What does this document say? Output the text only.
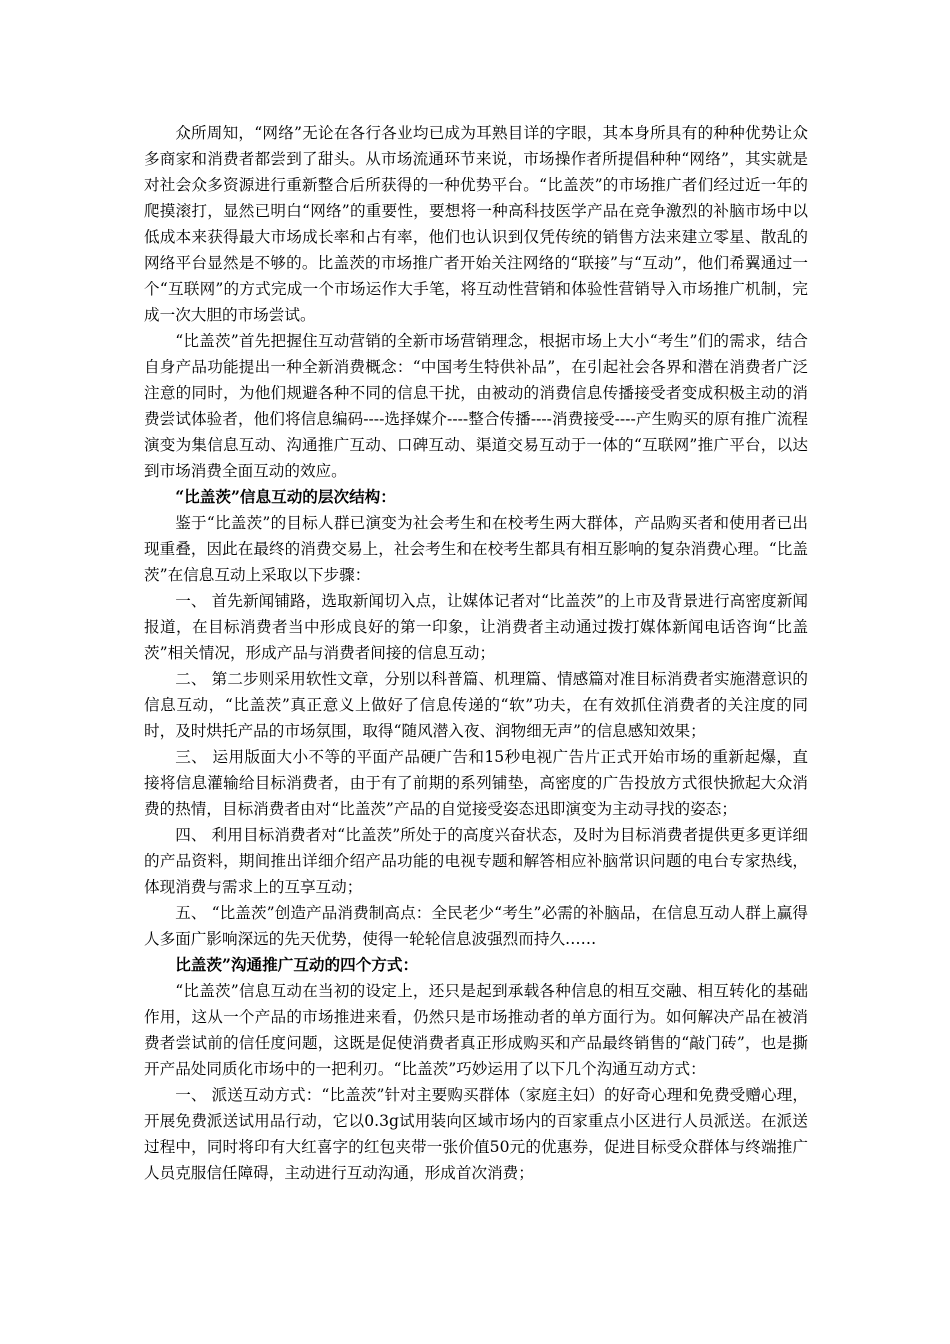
众所周知，“网络”无论在各行各业均已成为耳熟目详的字眼，其本身所具有的种种优势让众多商家和消费者都尝到了甜头。从市场流通环节来说，市场操作者所提倡种种“网络”，其实就是对社会众多资源进行重新整合后所获得的一种优势平台。“比盖茨”的市场推广者们经过近一年的爬摸滚打，显然已明白“网络”的重要性，要想将一种高科技医学产品在竞争激烈的补脑市场中以低成本来获得最大市场成长率和占有率，他们也认识到仅凭传统的销售方法来建立零星、散乱的网络平台显然是不够的。比盖茨的市场推广者开始关注网络的“联接”与“互动”，他们希翼通过一个“互联网”的方式完成一个市场运作大手笔，将互动性营销和体验性营销导入市场推广机制，完成一次大胆的市场尝试。

“比盖茨”首先把握住互动营销的全新市场营销理念，根据市场上大小“考生”们的需求，结合自身产品功能提出一种全新消费概念：“中国考生特供补品”，在引起社会各界和潜在消费者广泛注意的同时，为他们规避各种不同的信息干扰，由被动的消费信息传播接受者变成积极主动的消费尝试体验者，他们将信息编码----选择媒介----整合传播----消费接受----产生购买的原有推广流程演变为集信息互动、沟通推广互动、口碑互动、渠道交易互动于一体的“互联网”推广平台，以达到市场消费全面互动的效应。

“比盖茨”信息互动的层次结构：

鉴于“比盖茨”的目标人群已演变为社会考生和在校考生两大群体，产品购买者和使用者已出现重叠，因此在最终的消费交易上，社会考生和在校考生都具有相互影响的复杂消费心理。“比盖茨”在信息互动上采取以下步骤：

一、 首先新闻铺路，选取新闻切入点，让媒体记者对“比盖茨”的上市及背景进行高密度新闻报道，在目标消费者当中形成良好的第一印象，让消费者主动通过拨打媒体新闻电话咨询“比盖茨”相关情况，形成产品与消费者间接的信息互动；

二、 第二步则采用软性文章，分别以科普篇、机理篇、情感篇对准目标消费者实施潜意识的信息互动，“比盖茨”真正意义上做好了信息传递的“软”功夫，在有效抓住消费者的关注度的同时，及时烘托产品的市场氛围，取得“随风潜入夜、润物细无声”的信息感知效果；

三、 运用版面大小不等的平面产品硬广告和15秒电视广告片正式开始市场的重新起爆，直接将信息灌输给目标消费者，由于有了前期的系列铺垫，高密度的广告投放方式很快掀起大众消费的热情，目标消费者由对“比盖茨”产品的自觉接受姿态迅即演变为主动寻找的姿态；

四、 利用目标消费者对“比盖茨”所处于的高度兴奋状态，及时为目标消费者提供更多更详细的产品资料，期间推出详细介绍产品功能的电视专题和解答相应补脑常识问题的电台专家热线，体现消费与需求上的互享互动；

五、 “比盖茨”创造产品消费制高点：全民老少“考生”必需的补脑品，在信息互动人群上赢得人多面广影响深远的先天优势，使得一轮轮信息波强烈而持久……

比盖茨”沟通推广互动的四个方式：

“比盖茨”信息互动在当初的设定上，还只是起到承载各种信息的相互交融、相互转化的基础作用，这从一个产品的市场推进来看，仍然只是市场推动者的单方面行为。如何解决产品在被消费者尝试前的信任度问题，这既是促使消费者真正形成购买和产品最终销售的“敲门砖”，也是撕开产品处同质化市场中的一把利刃。“比盖茨”巧妙运用了以下几个沟通互动方式：

一、 派送互动方式：“比盖茨”针对主要购买群体（家庭主妇）的好奇心理和免费受赠心理，开展免费派送试用品行动，它以0.3g试用装向区域市场内的百家重点小区进行人员派送。在派送过程中，同时将印有大红喜字的红包夹带一张价值50元的优惠券，促进目标受众群体与终端推广人员克服信任障碍，主动进行互动沟通，形成首次消费；
